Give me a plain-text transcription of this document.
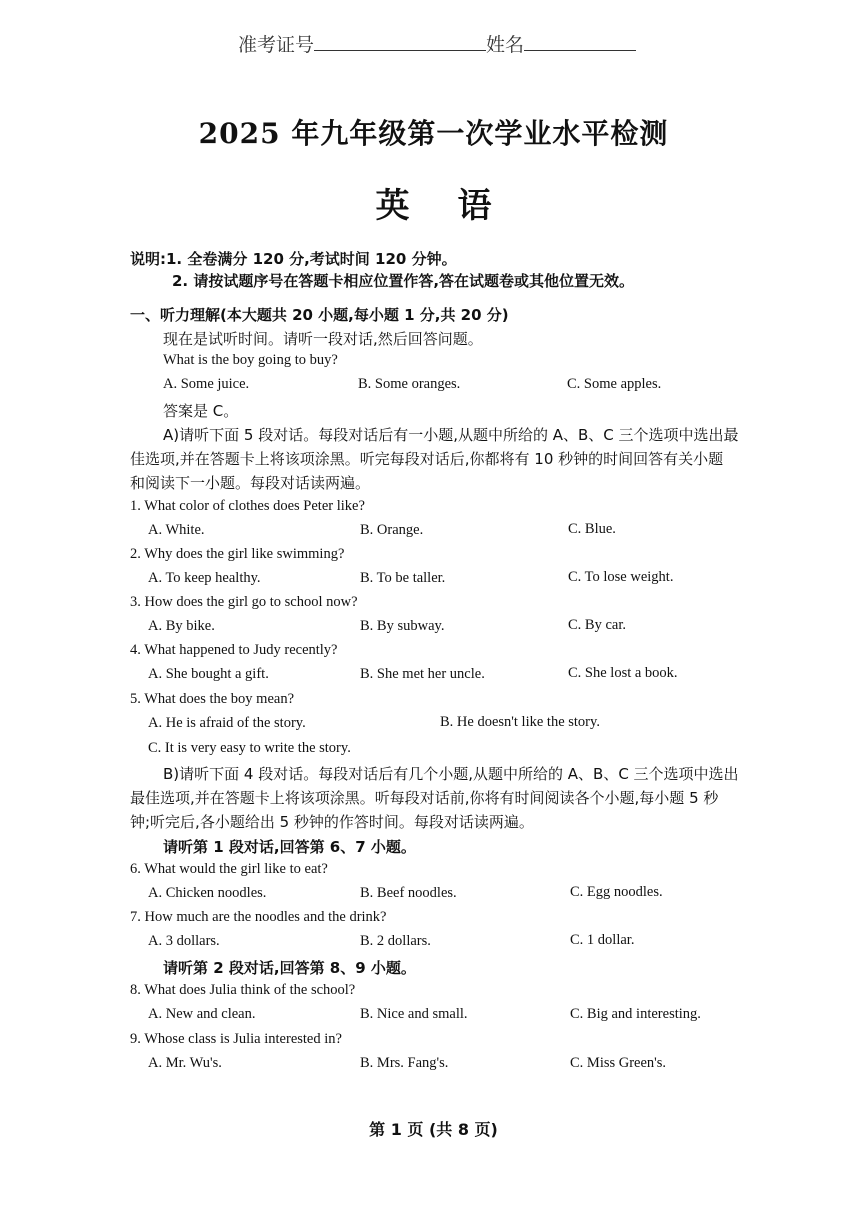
准考证号	姓名
2025 年九年级第一次学业水平检测
英语
说明:1. 全卷满分 120 分,考试时间 120 分钟。
2. 请按试题序号在答题卡相应位置作答,答在试题卷或其他位置无效。
一、听力理解(本大题共 20 小题,每小题 1 分,共 20 分)
现在是试听时间。请听一段对话,然后回答问题。
What is the boy going to buy?
A. Some juice.	B. Some oranges.	C. Some apples.
答案是 C。
A)请听下面 5 段对话。每段对话后有一小题,从题中所给的 A、B、C 三个选项中选出最
佳选项,并在答题卡上将该项涂黑。听完每段对话后,你都将有 10 秒钟的时间回答有关小题
和阅读下一小题。每段对话读两遍。
1. What color of clothes does Peter like?
A. White.	B. Orange.	C. Blue.
2. Why does the girl like swimming?
A. To keep healthy.	B. To be taller.	C. To lose weight.
3. How does the girl go to school now?
A. By bike.	B. By subway.	C. By car.
4. What happened to Judy recently?
A. She bought a gift.	B. She met her uncle.	C. She lost a book.
5. What does the boy mean?
A. He is afraid of the story.	B. He doesn't like the story.
C. It is very easy to write the story.
B)请听下面 4 段对话。每段对话后有几个小题,从题中所给的 A、B、C 三个选项中选出
最佳选项,并在答题卡上将该项涂黑。听每段对话前,你将有时间阅读各个小题,每小题 5 秒
钟;听完后,各小题给出 5 秒钟的作答时间。每段对话读两遍。
请听第 1 段对话,回答第 6、7 小题。
6. What would the girl like to eat?
A. Chicken noodles.	B. Beef noodles.	C. Egg noodles.
7. How much are the noodles and the drink?
A. 3 dollars.	B. 2 dollars.	C. 1 dollar.
请听第 2 段对话,回答第 8、9 小题。
8. What does Julia think of the school?
A. New and clean.	B. Nice and small.	C. Big and interesting.
9. Whose class is Julia interested in?
A. Mr. Wu's.	B. Mrs. Fang's.	C. Miss Green's.
第 1 页 (共 8 页)
